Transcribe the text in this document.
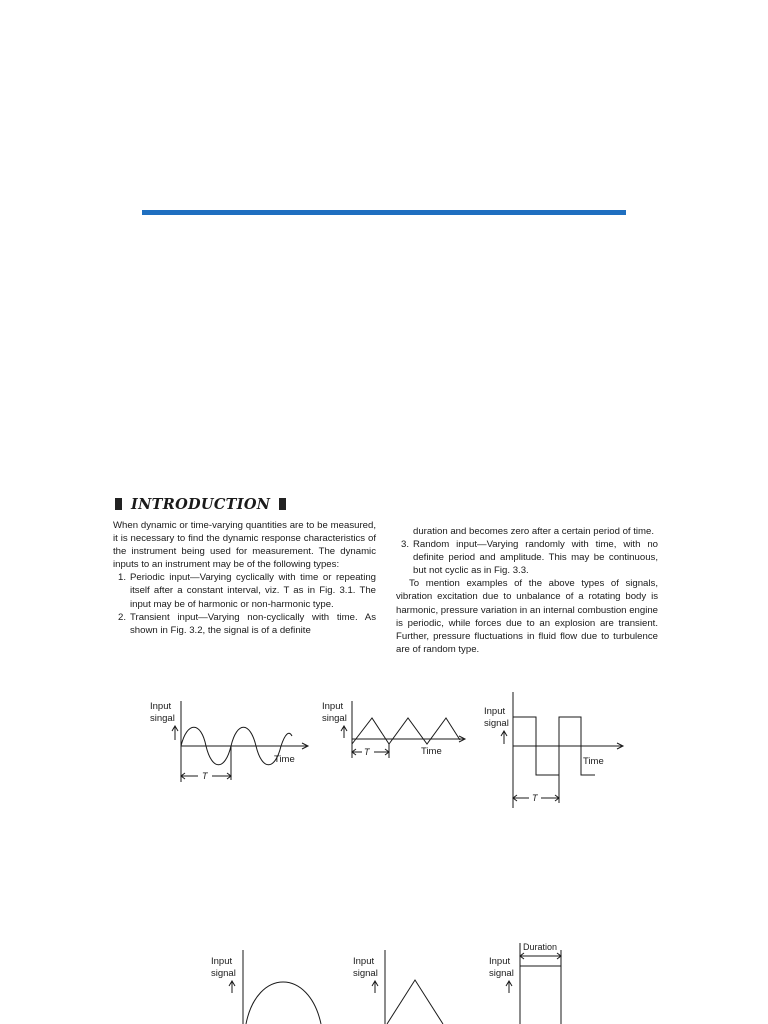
INTRODUCTION

When dynamic or time-varying quantities are to be measured, it is necessary to find the dynamic response characteristics of the instrument being used for measurement. The dynamic inputs to an instrument may be of the following types:

1. Periodic input—Varying cyclically with time or repeating itself after a constant interval, viz. T as in Fig. 3.1. The input may be of harmonic or non-harmonic type.
2. Transient input—Varying non-cyclically with time. As shown in Fig. 3.2, the signal is of a definite

duration and becomes zero after a certain period of time.

3. Random input—Varying randomly with time, with no definite period and amplitude. This may be continuous, but not cyclic as in Fig. 3.3.

To mention examples of the above types of signals, vibration excitation due to unbalance of a rotating body is harmonic, pressure variation in an internal combustion engine is periodic, while forces due to an explosion are transient. Further, pressure fluctuations in fluid flow due to turbulence are of random type.

Input
singal
Time
T
Input
singal
Time
T
Input
signal
Time
T
Input
signal
Input
signal
Duration
Input
signal
